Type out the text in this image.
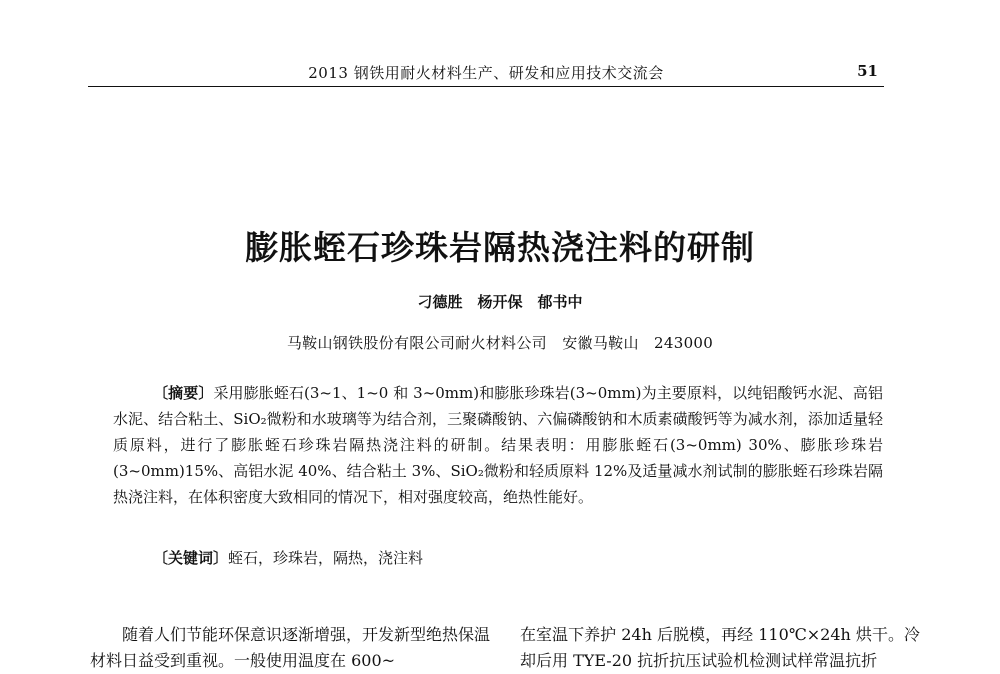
2013 钢铁用耐火材料生产、研发和应用技术交流会	51
膨胀蛭石珍珠岩隔热浇注料的研制
刁德胜　杨开保　郁书中
马鞍山钢铁股份有限公司耐火材料公司　安徽马鞍山　243000
〔摘要〕采用膨胀蛭石(3~1、1~0 和 3~0mm)和膨胀珍珠岩(3~0mm)为主要原料，以纯铝酸钙水泥、高铝水泥、结合粘土、SiO₂微粉和水玻璃等为结合剂，三聚磷酸钠、六偏磷酸钠和木质素磺酸钙等为减水剂，添加适量轻质原料，进行了膨胀蛭石珍珠岩隔热浇注料的研制。结果表明：用膨胀蛭石(3~0mm) 30%、膨胀珍珠岩(3~0mm)15%、高铝水泥 40%、结合粘土 3%、SiO₂微粉和轻质原料 12%及适量减水剂试制的膨胀蛭石珍珠岩隔热浇注料，在体积密度大致相同的情况下，相对强度较高，绝热性能好。
〔关键词〕蛭石，珍珠岩，隔热，浇注料
随着人们节能环保意识逐渐增强，开发新型绝热保温材料日益受到重视。一般使用温度在 600~
在室温下养护 24h 后脱模，再经 110℃×24h 烘干。冷却后用 TYE-20 抗折抗压试验机检测试样常温抗折
